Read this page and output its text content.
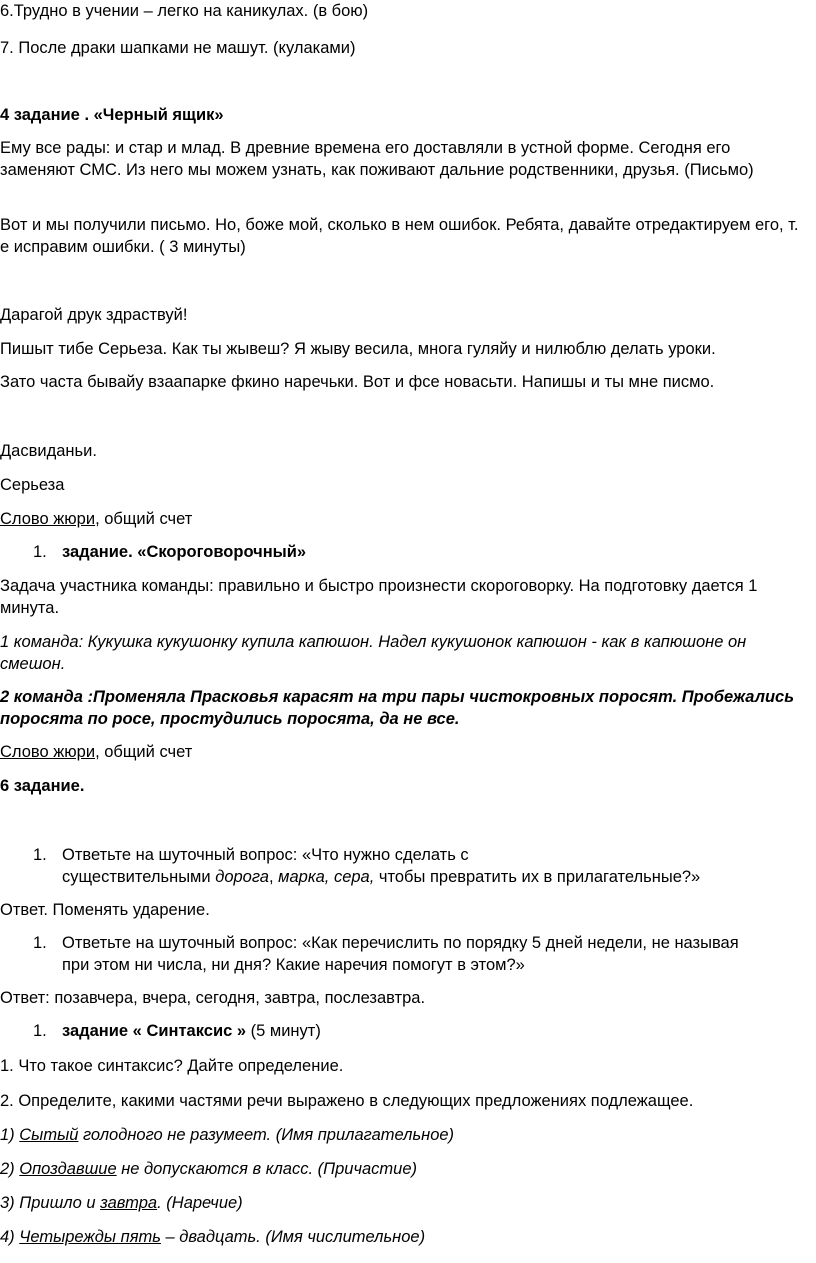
6.Трудно в учении – легко на каникулах. (в бою)
7. После драки шапками не машут. (кулаками)
4 задание . «Черный ящик»
Ему все рады: и стар и млад. В древние времена его доставляли в устной форме. Сегодня его заменяют СМС. Из него мы можем узнать, как поживают дальние родственники, друзья. (Письмо)
Вот и мы получили письмо. Но, боже мой, сколько в нем ошибок. Ребята, давайте отредактируем его, т. е исправим ошибки. ( 3 минуты)
Дарагой друк здраствуй!
Пишыт тибе Серьеза. Как ты жывеш? Я жыву весила, многа гуляйу и нилюблю делать уроки.
Зато часта бывайу взаапарке фкино наречьки. Вот и фсе новасьти. Напишы и ты мне писмо.
Дасвиданьи.
Серьеза
Слово жюри, общий счет
1. задание. «Скороговорочный»
Задача участника команды: правильно и быстро произнести скороговорку. На подготовку дается 1 минута.
1 команда: Кукушка кукушонку купила капюшон. Надел кукушонок капюшон - как в капюшоне он смешон.
2 команда :Променяла Прасковья карасят на три пары чистокровных поросят. Пробежались поросята по росе, простудились поросята, да не все.
Слово жюри, общий счет
6 задание.
1. Ответьте на шуточный вопрос: «Что нужно сделать с
существительными дорога, марка, сера, чтобы превратить их в прилагательные?»
Ответ. Поменять ударение.
1. Ответьте на шуточный вопрос: «Как перечислить по порядку 5 дней недели, не называя при этом ни числа, ни дня? Какие наречия помогут в этом?»
Ответ: позавчера, вчера, сегодня, завтра, послезавтра.
1. задание « Синтаксис » (5 минут)
1. Что такое синтаксис? Дайте определение.
2. Определите, какими частями речи выражено в следующих предложениях подлежащее.
1) Сытый голодного не разумеет. (Имя прилагательное)
2) Опоздавшие не допускаются в класс. (Причастие)
3) Пришло и завтра. (Наречие)
4) Четырежды пять – двадцать. (Имя числительное)
